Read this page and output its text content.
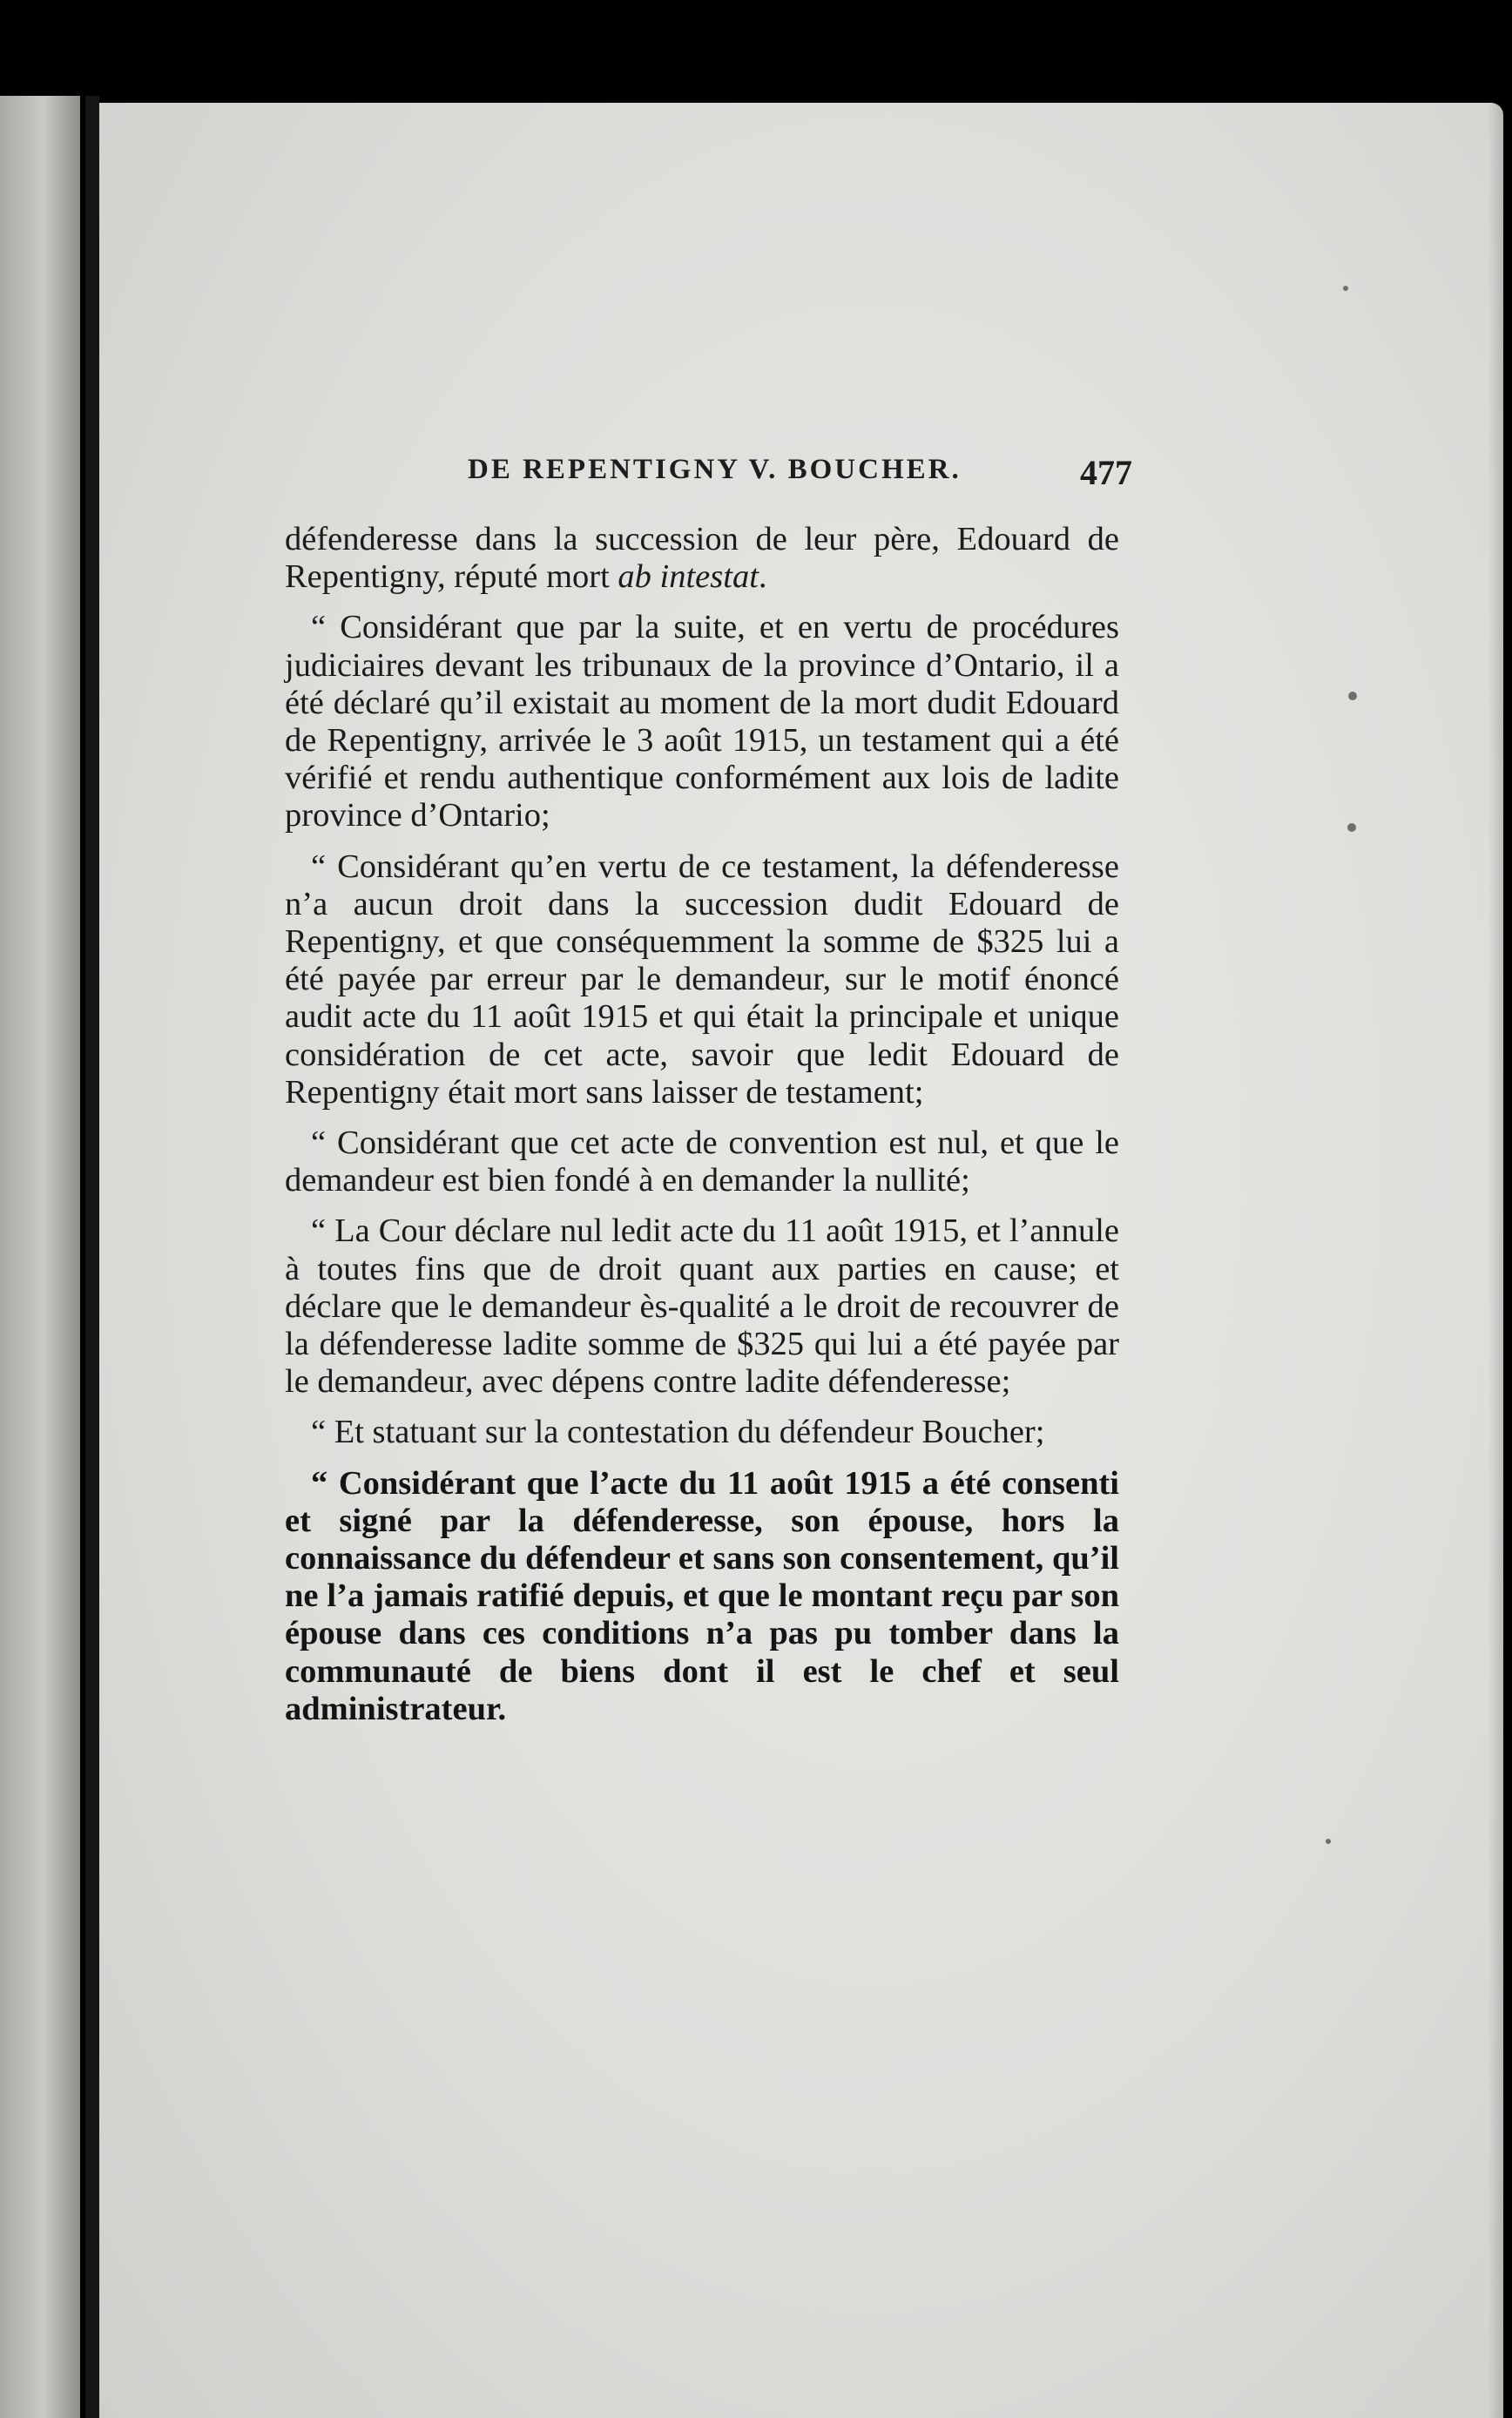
DE REPENTIGNY V. BOUCHER.	477

défenderesse dans la succession de leur père, Edouard de Repentigny, réputé mort ab intestat.

“ Considérant que par la suite, et en vertu de procédures judiciaires devant les tribunaux de la province d’Ontario, il a été déclaré qu’il existait au moment de la mort dudit Edouard de Repentigny, arrivée le 3 août 1915, un testament qui a été vérifié et rendu authentique conformément aux lois de ladite province d’Ontario;

“ Considérant qu’en vertu de ce testament, la défenderesse n’a aucun droit dans la succession dudit Edouard de Repentigny, et que conséquemment la somme de $325 lui a été payée par erreur par le demandeur, sur le motif énoncé audit acte du 11 août 1915 et qui était la principale et unique considération de cet acte, savoir que ledit Edouard de Repentigny était mort sans laisser de testament;

“ Considérant que cet acte de convention est nul, et que le demandeur est bien fondé à en demander la nullité;

“ La Cour déclare nul ledit acte du 11 août 1915, et l’annule à toutes fins que de droit quant aux parties en cause; et déclare que le demandeur ès-qualité a le droit de recouvrer de la défenderesse ladite somme de $325 qui lui a été payée par le demandeur, avec dépens contre ladite défenderesse;

“ Et statuant sur la contestation du défendeur Boucher;

“ Considérant que l’acte du 11 août 1915 a été consenti et signé par la défenderesse, son épouse, hors la connaissance du défendeur et sans son consentement, qu’il ne l’a jamais ratifié depuis, et que le montant reçu par son épouse dans ces conditions n’a pas pu tomber dans la communauté de biens dont il est le chef et seul administrateur.
